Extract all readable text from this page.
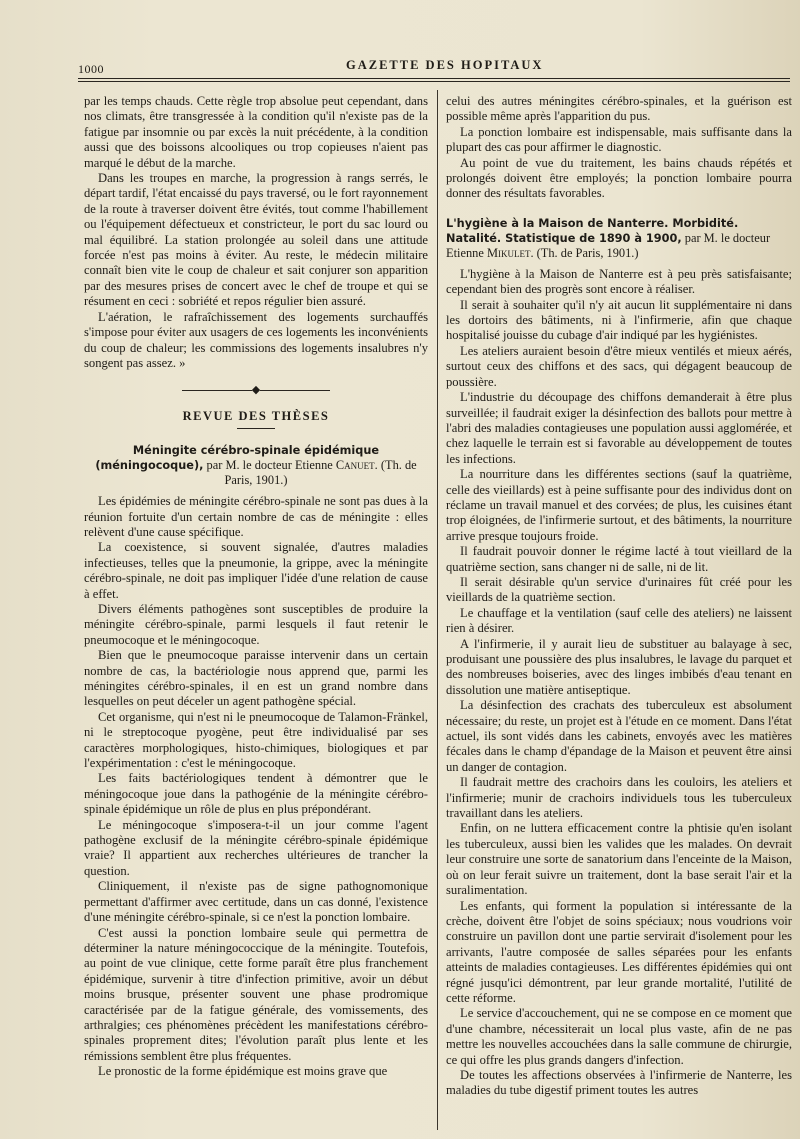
1000	GAZETTE DES HOPITAUX

par les temps chauds. Cette règle trop absolue peut cependant, dans nos climats, être transgressée à la condition qu'il n'existe pas de la fatigue par insomnie ou par excès la nuit précédente, à la condition aussi que des boissons alcooliques ou trop copieuses n'aient pas marqué le début de la marche.

Dans les troupes en marche, la progression à rangs serrés, le départ tardif, l'état encaissé du pays traversé, ou le fort rayonnement de la route à traverser doivent être évités, tout comme l'habillement ou l'équipement défectueux et constricteur, le port du sac lourd ou mal équilibré. La station prolongée au soleil dans une attitude forcée n'est pas moins à éviter. Au reste, le médecin militaire connaît bien vite le coup de chaleur et sait conjurer son apparition par des mesures prises de concert avec le chef de troupe et qui se résument en ceci : sobriété et repos régulier bien assuré.

L'aération, le rafraîchissement des logements surchauffés s'impose pour éviter aux usagers de ces logements les inconvénients du coup de chaleur; les commissions des logements insalubres n'y songent pas assez. »

◆
REVUE DES THÈSES
Méningite cérébro-spinale épidémique (méningocoque), par M. le docteur Etienne Canuet. (Th. de Paris, 1901.)

Les épidémies de méningite cérébro-spinale ne sont pas dues à la réunion fortuite d'un certain nombre de cas de méningite : elles relèvent d'une cause spécifique.

La coexistence, si souvent signalée, d'autres maladies infectieuses, telles que la pneumonie, la grippe, avec la méningite cérébro-spinale, ne doit pas impliquer l'idée d'une relation de cause à effet.

Divers éléments pathogènes sont susceptibles de produire la méningite cérébro-spinale, parmi lesquels il faut retenir le pneumocoque et le méningocoque.

Bien que le pneumocoque paraisse intervenir dans un certain nombre de cas, la bactériologie nous apprend que, parmi les méningites cérébro-spinales, il en est un grand nombre dans lesquelles on peut déceler un agent pathogène spécial.

Cet organisme, qui n'est ni le pneumocoque de Talamon-Fränkel, ni le streptocoque pyogène, peut être individualisé par ses caractères morphologiques, histo-chimiques, biologiques et par l'expérimentation : c'est le méningocoque.

Les faits bactériologiques tendent à démontrer que le méningocoque joue dans la pathogénie de la méningite cérébro-spinale épidémique un rôle de plus en plus prépondérant.

Le méningocoque s'imposera-t-il un jour comme l'agent pathogène exclusif de la méningite cérébro-spinale épidémique vraie? Il appartient aux recherches ultérieures de trancher la question.

Cliniquement, il n'existe pas de signe pathognomonique permettant d'affirmer avec certitude, dans un cas donné, l'existence d'une méningite cérébro-spinale, si ce n'est la ponction lombaire.

C'est aussi la ponction lombaire seule qui permettra de déterminer la nature méningococcique de la méningite. Toutefois, au point de vue clinique, cette forme paraît être plus franchement épidémique, survenir à titre d'infection primitive, avoir un début moins brusque, présenter souvent une phase prodromique caractérisée par de la fatigue générale, des vomissements, des arthralgies; ces phénomènes précèdent les manifestations cérébro-spinales proprement dites; l'évolution paraît plus lente et les rémissions semblent être plus fréquentes.

Le pronostic de la forme épidémique est moins grave que

celui des autres méningites cérébro-spinales, et la guérison est possible même après l'apparition du pus.

La ponction lombaire est indispensable, mais suffisante dans la plupart des cas pour affirmer le diagnostic.

Au point de vue du traitement, les bains chauds répétés et prolongés doivent être employés; la ponction lombaire pourra donner des résultats favorables.

L'hygiène à la Maison de Nanterre. Morbidité. Natalité. Statistique de 1890 à 1900, par M. le docteur Etienne Mikulet. (Th. de Paris, 1901.)

L'hygiène à la Maison de Nanterre est à peu près satisfaisante; cependant bien des progrès sont encore à réaliser.

Il serait à souhaiter qu'il n'y ait aucun lit supplémentaire ni dans les dortoirs des bâtiments, ni à l'infirmerie, afin que chaque hospitalisé jouisse du cubage d'air indiqué par les hygiénistes.

Les ateliers auraient besoin d'être mieux ventilés et mieux aérés, surtout ceux des chiffons et des sacs, qui dégagent beaucoup de poussière.

L'industrie du découpage des chiffons demanderait à être plus surveillée; il faudrait exiger la désinfection des ballots pour mettre à l'abri des maladies contagieuses une population aussi agglomérée, et chez laquelle le terrain est si favorable au développement de toutes les infections.

La nourriture dans les différentes sections (sauf la quatrième, celle des vieillards) est à peine suffisante pour des individus dont on réclame un travail manuel et des corvées; de plus, les cuisines étant trop éloignées, de l'infirmerie surtout, et des bâtiments, la nourriture arrive presque toujours froide.

Il faudrait pouvoir donner le régime lacté à tout vieillard de la quatrième section, sans changer ni de salle, ni de lit.

Il serait désirable qu'un service d'urinaires fût créé pour les vieillards de la quatrième section.

Le chauffage et la ventilation (sauf celle des ateliers) ne laissent rien à désirer.

A l'infirmerie, il y aurait lieu de substituer au balayage à sec, produisant une poussière des plus insalubres, le lavage du parquet et des nombreuses boiseries, avec des linges imbibés d'eau tenant en dissolution une matière antiseptique.

La désinfection des crachats des tuberculeux est absolument nécessaire; du reste, un projet est à l'étude en ce moment. Dans l'état actuel, ils sont vidés dans les cabinets, envoyés avec les matières fécales dans le champ d'épandage de la Maison et peuvent être ainsi un danger de contagion.

Il faudrait mettre des crachoirs dans les couloirs, les ateliers et l'infirmerie; munir de crachoirs individuels tous les tuberculeux travaillant dans les ateliers.

Enfin, on ne luttera efficacement contre la phtisie qu'en isolant les tuberculeux, aussi bien les valides que les malades. On devrait leur construire une sorte de sanatorium dans l'enceinte de la Maison, où on leur ferait suivre un traitement, dont la base serait l'air et la suralimentation.

Les enfants, qui forment la population si intéressante de la crèche, doivent être l'objet de soins spéciaux; nous voudrions voir construire un pavillon dont une partie servirait d'isolement pour les arrivants, l'autre composée de salles séparées pour les enfants atteints de maladies contagieuses. Les différentes épidémies qui ont régné jusqu'ici démontrent, par leur grande mortalité, l'utilité de cette réforme.

Le service d'accouchement, qui ne se compose en ce moment que d'une chambre, nécessiterait un local plus vaste, afin de ne pas mettre les nouvelles accouchées dans la salle commune de chirurgie, ce qui offre les plus grands dangers d'infection.

De toutes les affections observées à l'infirmerie de Nanterre, les maladies du tube digestif priment toutes les autres
